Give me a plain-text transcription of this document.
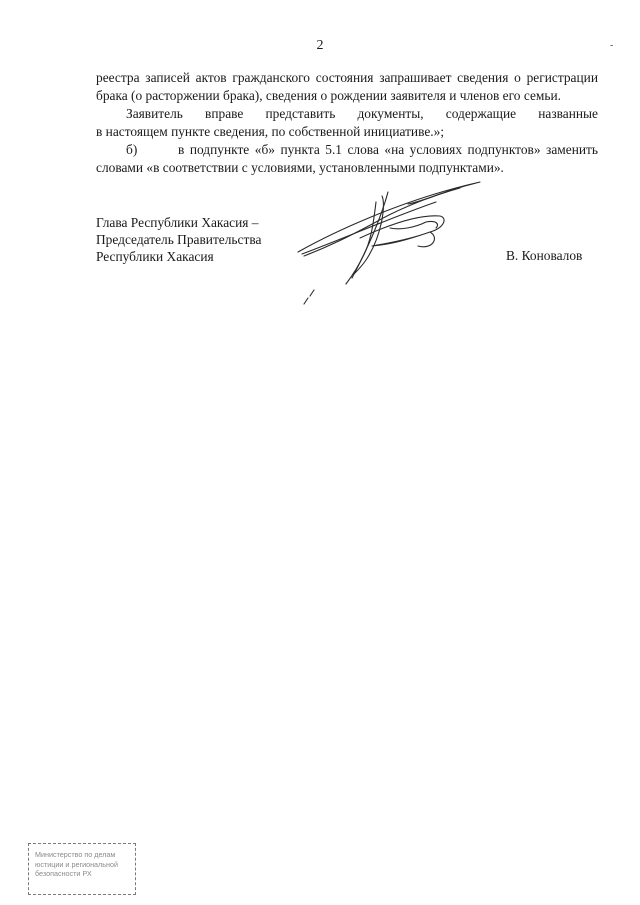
2	-

реестра записей актов гражданского состояния запрашивает сведения о регистрации
брака (о расторжении брака), сведения о рождении заявителя и членов его семьи.

Заявитель вправе представить документы, содержащие названные
в настоящем пункте сведения, по собственной инициативе.»;

б)	в подпункте «б» пункта 5.1 слова «на условиях подпунктов» заменить
словами «в соответствии с условиями, установленными подпунктами».
Глава Республики Хакасия –
Председатель Правительства
Республики Хакасия	В. Коновалов
Министерство по делам
юстиции и региональной
безопасности РХ
